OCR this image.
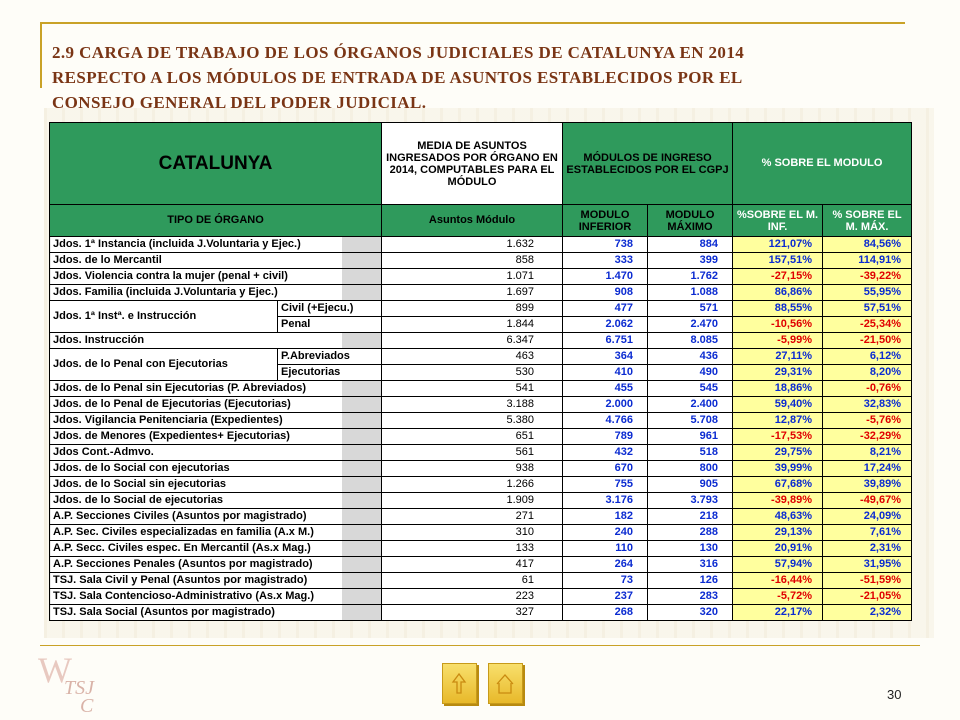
2.9 CARGA DE TRABAJO DE LOS ÓRGANOS JUDICIALES DE CATALUNYA EN 2014
RESPECTO A LOS MÓDULOS DE ENTRADA DE ASUNTOS ESTABLECIDOS POR EL
CONSEJO GENERAL DEL PODER JUDICIAL.
CATALUNYA		MEDIA DE ASUNTOS INGRESADOS POR ÓRGANO EN 2014, COMPUTABLES PARA EL MÓDULO	MÓDULOS DE INGRESO ESTABLECIDOS POR EL CGPJ		% SOBRE EL MODULO	
TIPO DE ÓRGANO		Asuntos Módulo	MODULO INFERIOR	MODULO MÁXIMO	%SOBRE EL M. INF.	% SOBRE EL M. MÁX.
Jdos. 1ª Instancia (incluida J.Voluntaria y Ejec.)		1.632	738	884	121,07%	84,56%
Jdos. de lo Mercantil		858	333	399	157,51%	114,91%
Jdos. Violencia contra la mujer (penal + civil)		1.071	1.470	1.762	-27,15%	-39,22%
Jdos. Familia (incluida J.Voluntaria y Ejec.)		1.697	908	1.088	86,86%	55,95%
Jdos. 1ª Instª. e Instrucción	Civil (+Ejecu.)	899	477	571	88,55%	57,51%
	Penal	1.844	2.062	2.470	-10,56%	-25,34%
Jdos. Instrucción		6.347	6.751	8.085	-5,99%	-21,50%
Jdos. de lo Penal con Ejecutorias	P.Abreviados	463	364	436	27,11%	6,12%
	Ejecutorias	530	410	490	29,31%	8,20%
Jdos. de lo Penal sin Ejecutorias (P. Abreviados)		541	455	545	18,86%	-0,76%
Jdos. de lo Penal de Ejecutorias (Ejecutorias)		3.188	2.000	2.400	59,40%	32,83%
Jdos. Vigilancia Penitenciaria (Expedientes)		5.380	4.766	5.708	12,87%	-5,76%
Jdos. de Menores (Expedientes+ Ejecutorias)		651	789	961	-17,53%	-32,29%
Jdos Cont.-Admvo.		561	432	518	29,75%	8,21%
Jdos. de lo Social con ejecutorias		938	670	800	39,99%	17,24%
Jdos. de lo Social sin ejecutorias		1.266	755	905	67,68%	39,89%
Jdos. de lo Social de ejecutorias		1.909	3.176	3.793	-39,89%	-49,67%
A.P. Secciones Civiles (Asuntos por magistrado)		271	182	218	48,63%	24,09%
A.P. Sec. Civiles especializadas en familia (A.x M.)		310	240	288	29,13%	7,61%
A.P. Secc. Civiles espec. En Mercantil (As.x Mag.)		133	110	130	20,91%	2,31%
A.P. Secciones Penales (Asuntos por magistrado)		417	264	316	57,94%	31,95%
TSJ. Sala Civil y Penal (Asuntos por magistrado)		61	73	126	-16,44%	-51,59%
TSJ. Sala Contencioso-Administrativo (As.x Mag.)		223	237	283	-5,72%	-21,05%
TSJ. Sala Social (Asuntos por magistrado)		327	268	320	22,17%	2,32%
W
TSJ
C
30
